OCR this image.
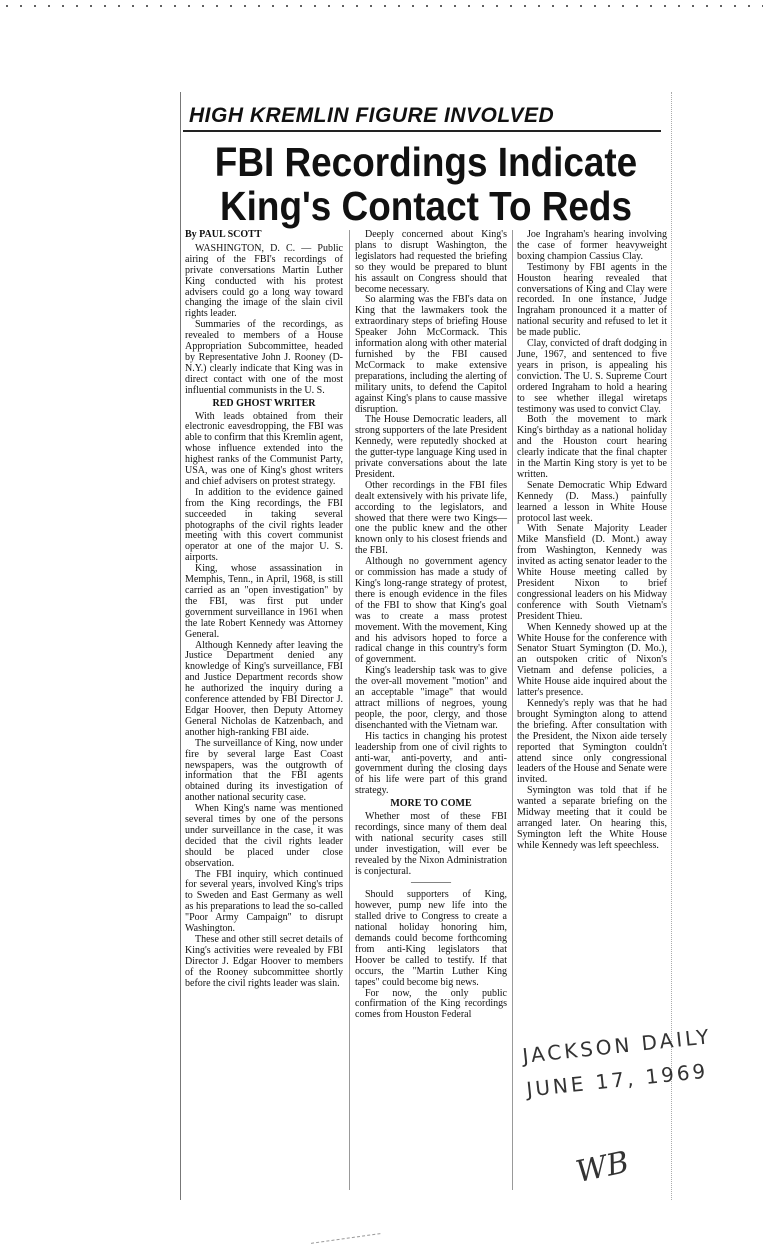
HIGH KREMLIN FIGURE INVOLVED
FBI Recordings Indicate
King's Contact To Reds

By PAUL SCOTT

WASHINGTON, D. C. — Public airing of the FBI's recordings of private conversations Martin Luther King conducted with his protest advisers could go a long way toward changing the image of the slain civil rights leader.

Summaries of the recordings, as revealed to members of a House Appropriation Subcommittee, headed by Representative John J. Rooney (D-N.Y.) clearly indicate that King was in direct contact with one of the most influential communists in the U. S.

RED GHOST WRITER

With leads obtained from their electronic eavesdropping, the FBI was able to confirm that this Kremlin agent, whose influence extended into the highest ranks of the Communist Party, USA, was one of King's ghost writers and chief advisers on protest strategy.

In addition to the evidence gained from the King recordings, the FBI succeeded in taking several photographs of the civil rights leader meeting with this covert communist operator at one of the major U. S. airports.

King, whose assassination in Memphis, Tenn., in April, 1968, is still carried as an "open investigation" by the FBI, was first put under government surveillance in 1961 when the late Robert Kennedy was Attorney General.

Although Kennedy after leaving the Justice Department denied any knowledge of King's surveillance, FBI and Justice Department records show he authorized the inquiry during a conference attended by FBI Director J. Edgar Hoover, then Deputy Attorney General Nicholas de Katzenbach, and another high-ranking FBI aide.

The surveillance of King, now under fire by several large East Coast newspapers, was the outgrowth of information that the FBI agents obtained during its investigation of another national security case.

When King's name was mentioned several times by one of the persons under surveillance in the case, it was decided that the civil rights leader should be placed under close observation.

The FBI inquiry, which continued for several years, involved King's trips to Sweden and East Germany as well as his preparations to lead the so-called "Poor Army Campaign" to disrupt Washington.

These and other still secret details of King's activities were revealed by FBI Director J. Edgar Hoover to members of the Rooney subcommittee shortly before the civil rights leader was slain.

Deeply concerned about King's plans to disrupt Washington, the legislators had requested the briefing so they would be prepared to blunt his assault on Congress should that become necessary.

So alarming was the FBI's data on King that the lawmakers took the extraordinary steps of briefing House Speaker John McCormack. This information along with other material furnished by the FBI caused McCormack to make extensive preparations, including the alerting of military units, to defend the Capitol against King's plans to cause massive disruption.

The House Democratic leaders, all strong supporters of the late President Kennedy, were reputedly shocked at the gutter-type language King used in private conversations about the late President.

Other recordings in the FBI files dealt extensively with his private life, according to the legislators, and showed that there were two Kings—one the public knew and the other known only to his closest friends and the FBI.

Although no government agency or commission has made a study of King's long-range strategy of protest, there is enough evidence in the files of the FBI to show that King's goal was to create a mass protest movement. With the movement, King and his advisors hoped to force a radical change in this country's form of government.

King's leadership task was to give the over-all movement "motion" and an acceptable "image" that would attract millions of negroes, young people, the poor, clergy, and those disenchanted with the Vietnam war.

His tactics in changing his protest leadership from one of civil rights to anti-war, anti-poverty, and anti-government during the closing days of his life were part of this grand strategy.

MORE TO COME

Whether most of these FBI recordings, since many of them deal with national security cases still under investigation, will ever be revealed by the Nixon Administration is conjectural.

————

Should supporters of King, however, pump new life into the stalled drive to Congress to create a national holiday honoring him, demands could become forthcoming from anti-King legislators that Hoover be called to testify. If that occurs, the "Martin Luther King tapes" could become big news.

For now, the only public confirmation of the King recordings comes from Houston Federal

Joe Ingraham's hearing involving the case of former heavyweight boxing champion Cassius Clay.

Testimony by FBI agents in the Houston hearing revealed that conversations of King and Clay were recorded. In one instance, Judge Ingraham pronounced it a matter of national security and refused to let it be made public.

Clay, convicted of draft dodging in June, 1967, and sentenced to five years in prison, is appealing his conviction. The U. S. Supreme Court ordered Ingraham to hold a hearing to see whether illegal wiretaps testimony was used to convict Clay.

Both the movement to mark King's birthday as a national holiday and the Houston court hearing clearly indicate that the final chapter in the Martin King story is yet to be written.

Senate Democratic Whip Edward Kennedy (D. Mass.) painfully learned a lesson in White House protocol last week.

With Senate Majority Leader Mike Mansfield (D. Mont.) away from Washington, Kennedy was invited as acting senator leader to the White House meeting called by President Nixon to brief congressional leaders on his Midway conference with South Vietnam's President Thieu.

When Kennedy showed up at the White House for the conference with Senator Stuart Symington (D. Mo.), an outspoken critic of Nixon's Vietnam and defense policies, a White House aide inquired about the latter's presence.

Kennedy's reply was that he had brought Symington along to attend the briefing. After consultation with the President, the Nixon aide tersely reported that Symington couldn't attend since only congressional leaders of the House and Senate were invited.

Symington was told that if he wanted a separate briefing on the Midway meeting that it could be arranged later. On hearing this, Symington left the White House while Kennedy was left speechless.

JACKSON DAILY
JUNE 17, 1969
WB
